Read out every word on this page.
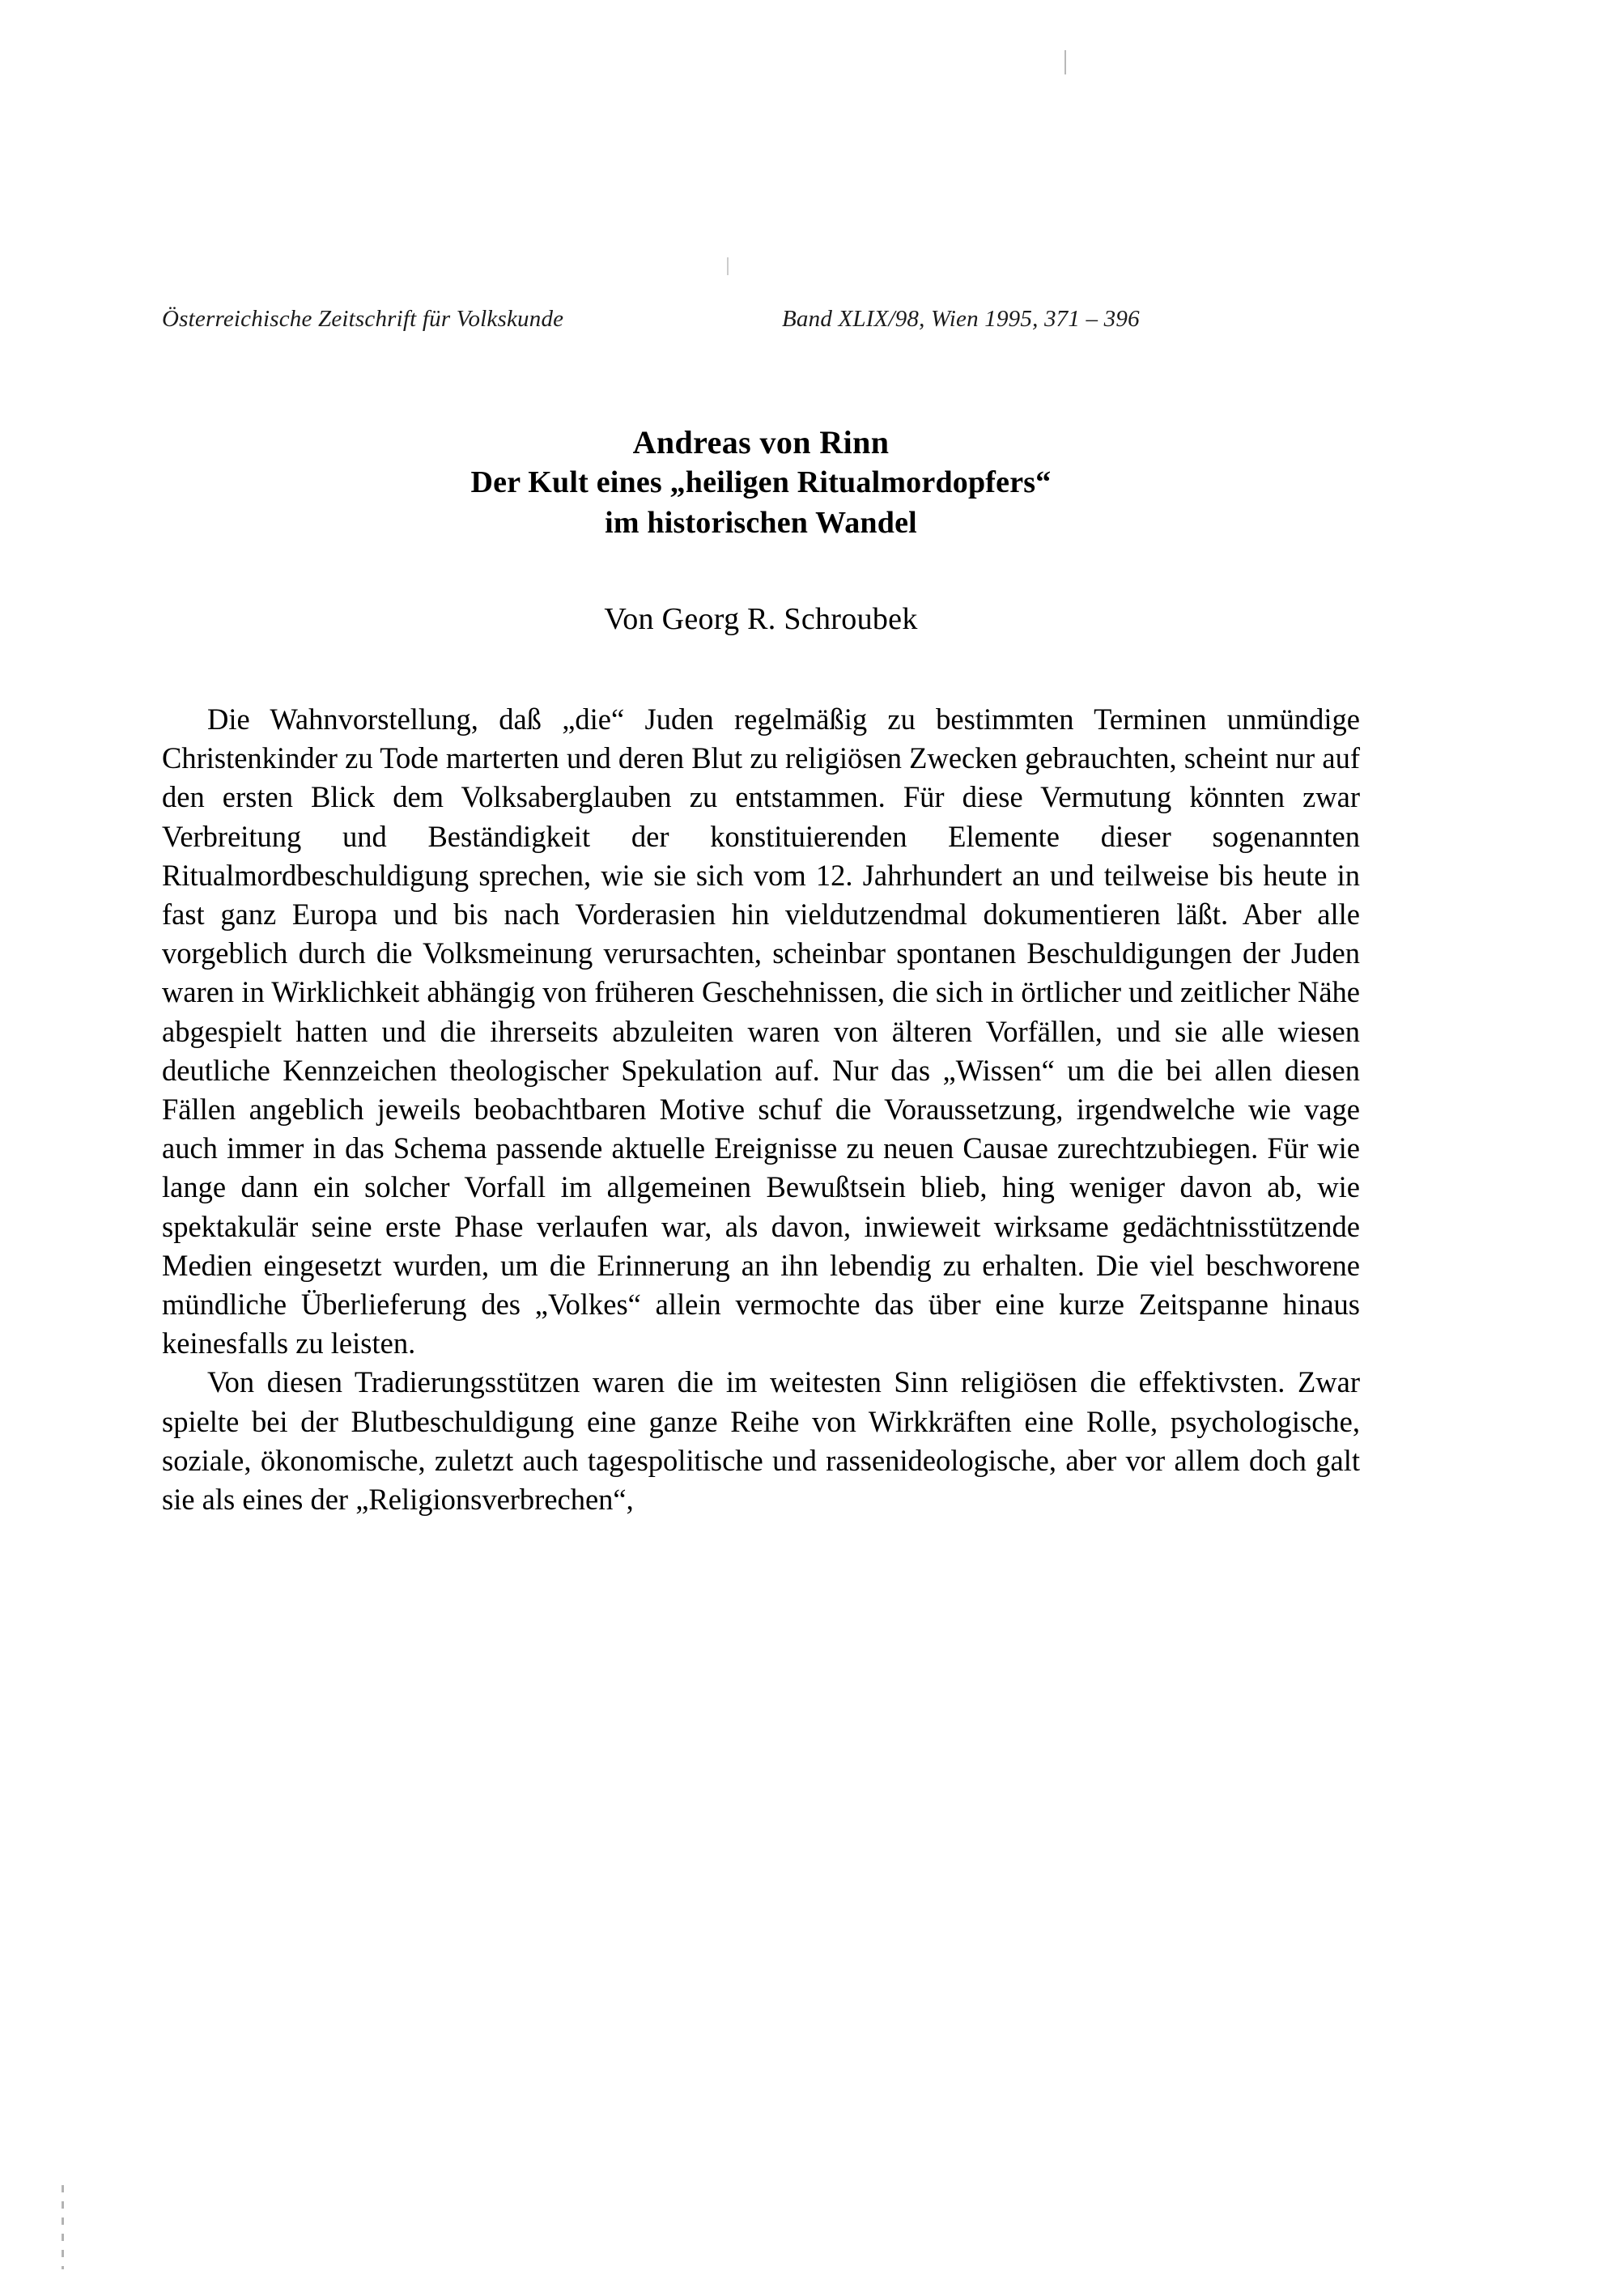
Österreichische Zeitschrift für Volkskunde	Band XLIX/98, Wien 1995, 371 – 396
Andreas von Rinn
Der Kult eines „heiligen Ritualmordopfers“
im historischen Wandel
Von Georg R. Schroubek

Die Wahnvorstellung, daß „die“ Juden regelmäßig zu bestimmten Terminen unmündige Christenkinder zu Tode marterten und deren Blut zu religiösen Zwecken gebrauchten, scheint nur auf den ersten Blick dem Volksaberglauben zu entstammen. Für diese Vermutung könnten zwar Verbreitung und Beständigkeit der konstituierenden Elemente dieser sogenannten Ritualmordbeschuldigung sprechen, wie sie sich vom 12. Jahrhundert an und teilweise bis heute in fast ganz Europa und bis nach Vorderasien hin vieldutzendmal dokumentieren läßt. Aber alle vorgeblich durch die Volksmeinung verursachten, scheinbar spontanen Beschuldigungen der Juden waren in Wirklichkeit abhängig von früheren Geschehnissen, die sich in örtlicher und zeitlicher Nähe abgespielt hatten und die ihrerseits abzuleiten waren von älteren Vorfällen, und sie alle wiesen deutliche Kennzeichen theologischer Spekulation auf. Nur das „Wissen“ um die bei allen diesen Fällen angeblich jeweils beobachtbaren Motive schuf die Voraussetzung, irgendwelche wie vage auch immer in das Schema passende aktuelle Ereignisse zu neuen Causae zurechtzubiegen. Für wie lange dann ein solcher Vorfall im allgemeinen Bewußtsein blieb, hing weniger davon ab, wie spektakulär seine erste Phase verlaufen war, als davon, inwieweit wirksame gedächtnisstützende Medien eingesetzt wurden, um die Erinnerung an ihn lebendig zu erhalten. Die viel beschworene mündliche Überlieferung des „Volkes“ allein vermochte das über eine kurze Zeitspanne hinaus keinesfalls zu leisten.

Von diesen Tradierungsstützen waren die im weitesten Sinn religiösen die effektivsten. Zwar spielte bei der Blutbeschuldigung eine ganze Reihe von Wirkkräften eine Rolle, psychologische, soziale, ökonomische, zuletzt auch tagespolitische und rassenideologische, aber vor allem doch galt sie als eines der „Religionsverbrechen“,
